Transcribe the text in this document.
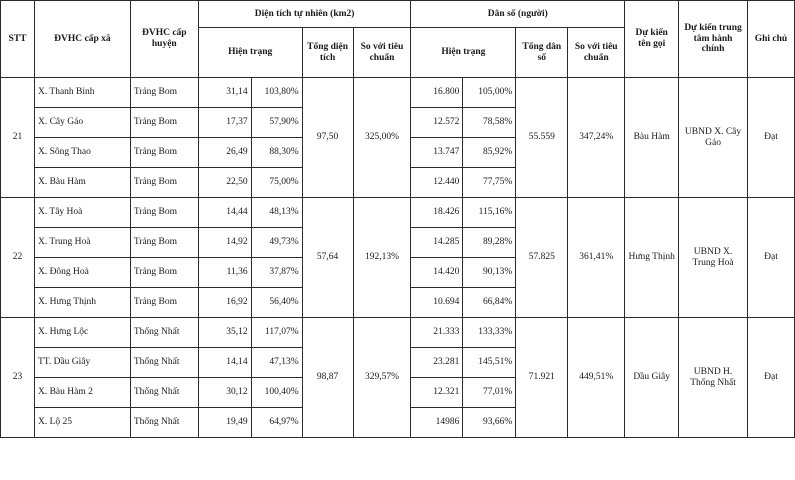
STT	ĐVHC cấp xã	ĐVHC cấp huyện	Diện tích tự nhiên (km2)				Dân số (người)				Dự kiến tên gọi	Dự kiến trung tâm hành chính	Ghi chú
			Hiện trạng		Tổng diện tích	So với tiêu chuẩn	Hiện trạng		Tổng dân số	So với tiêu chuẩn			
21	X. Thanh Bình	Trảng Bom	31,14	103,80%	97,50	325,00%	16.800	105,00%	55.559	347,24%	Bàu Hàm	UBND X. Cây Gáo	Đạt
	X. Cây Gáo	Trảng Bom	17,37	57,90%			12.572	78,58%					
	X. Sông Thao	Trảng Bom	26,49	88,30%			13.747	85,92%					
	X. Bàu Hàm	Trảng Bom	22,50	75,00%			12.440	77,75%					
22	X. Tây Hoà	Trảng Bom	14,44	48,13%	57,64	192,13%	18.426	115,16%	57.825	361,41%	Hưng Thịnh	UBND X. Trung Hoà	Đạt
	X. Trung Hoà	Trảng Bom	14,92	49,73%			14.285	89,28%					
	X. Đông Hoà	Trảng Bom	11,36	37,87%			14.420	90,13%					
	X. Hưng Thịnh	Trảng Bom	16,92	56,40%			10.694	66,84%					
23	X. Hưng Lộc	Thống Nhất	35,12	117,07%	98,87	329,57%	21.333	133,33%	71.921	449,51%	Dầu Giây	UBND H. Thống Nhất	Đạt
	TT. Dầu Giây	Thống Nhất	14,14	47,13%			23.281	145,51%					
	X. Bàu Hàm 2	Thống Nhất	30,12	100,40%			12.321	77,01%					
	X. Lộ 25	Thống Nhất	19,49	64,97%			14986	93,66%					
